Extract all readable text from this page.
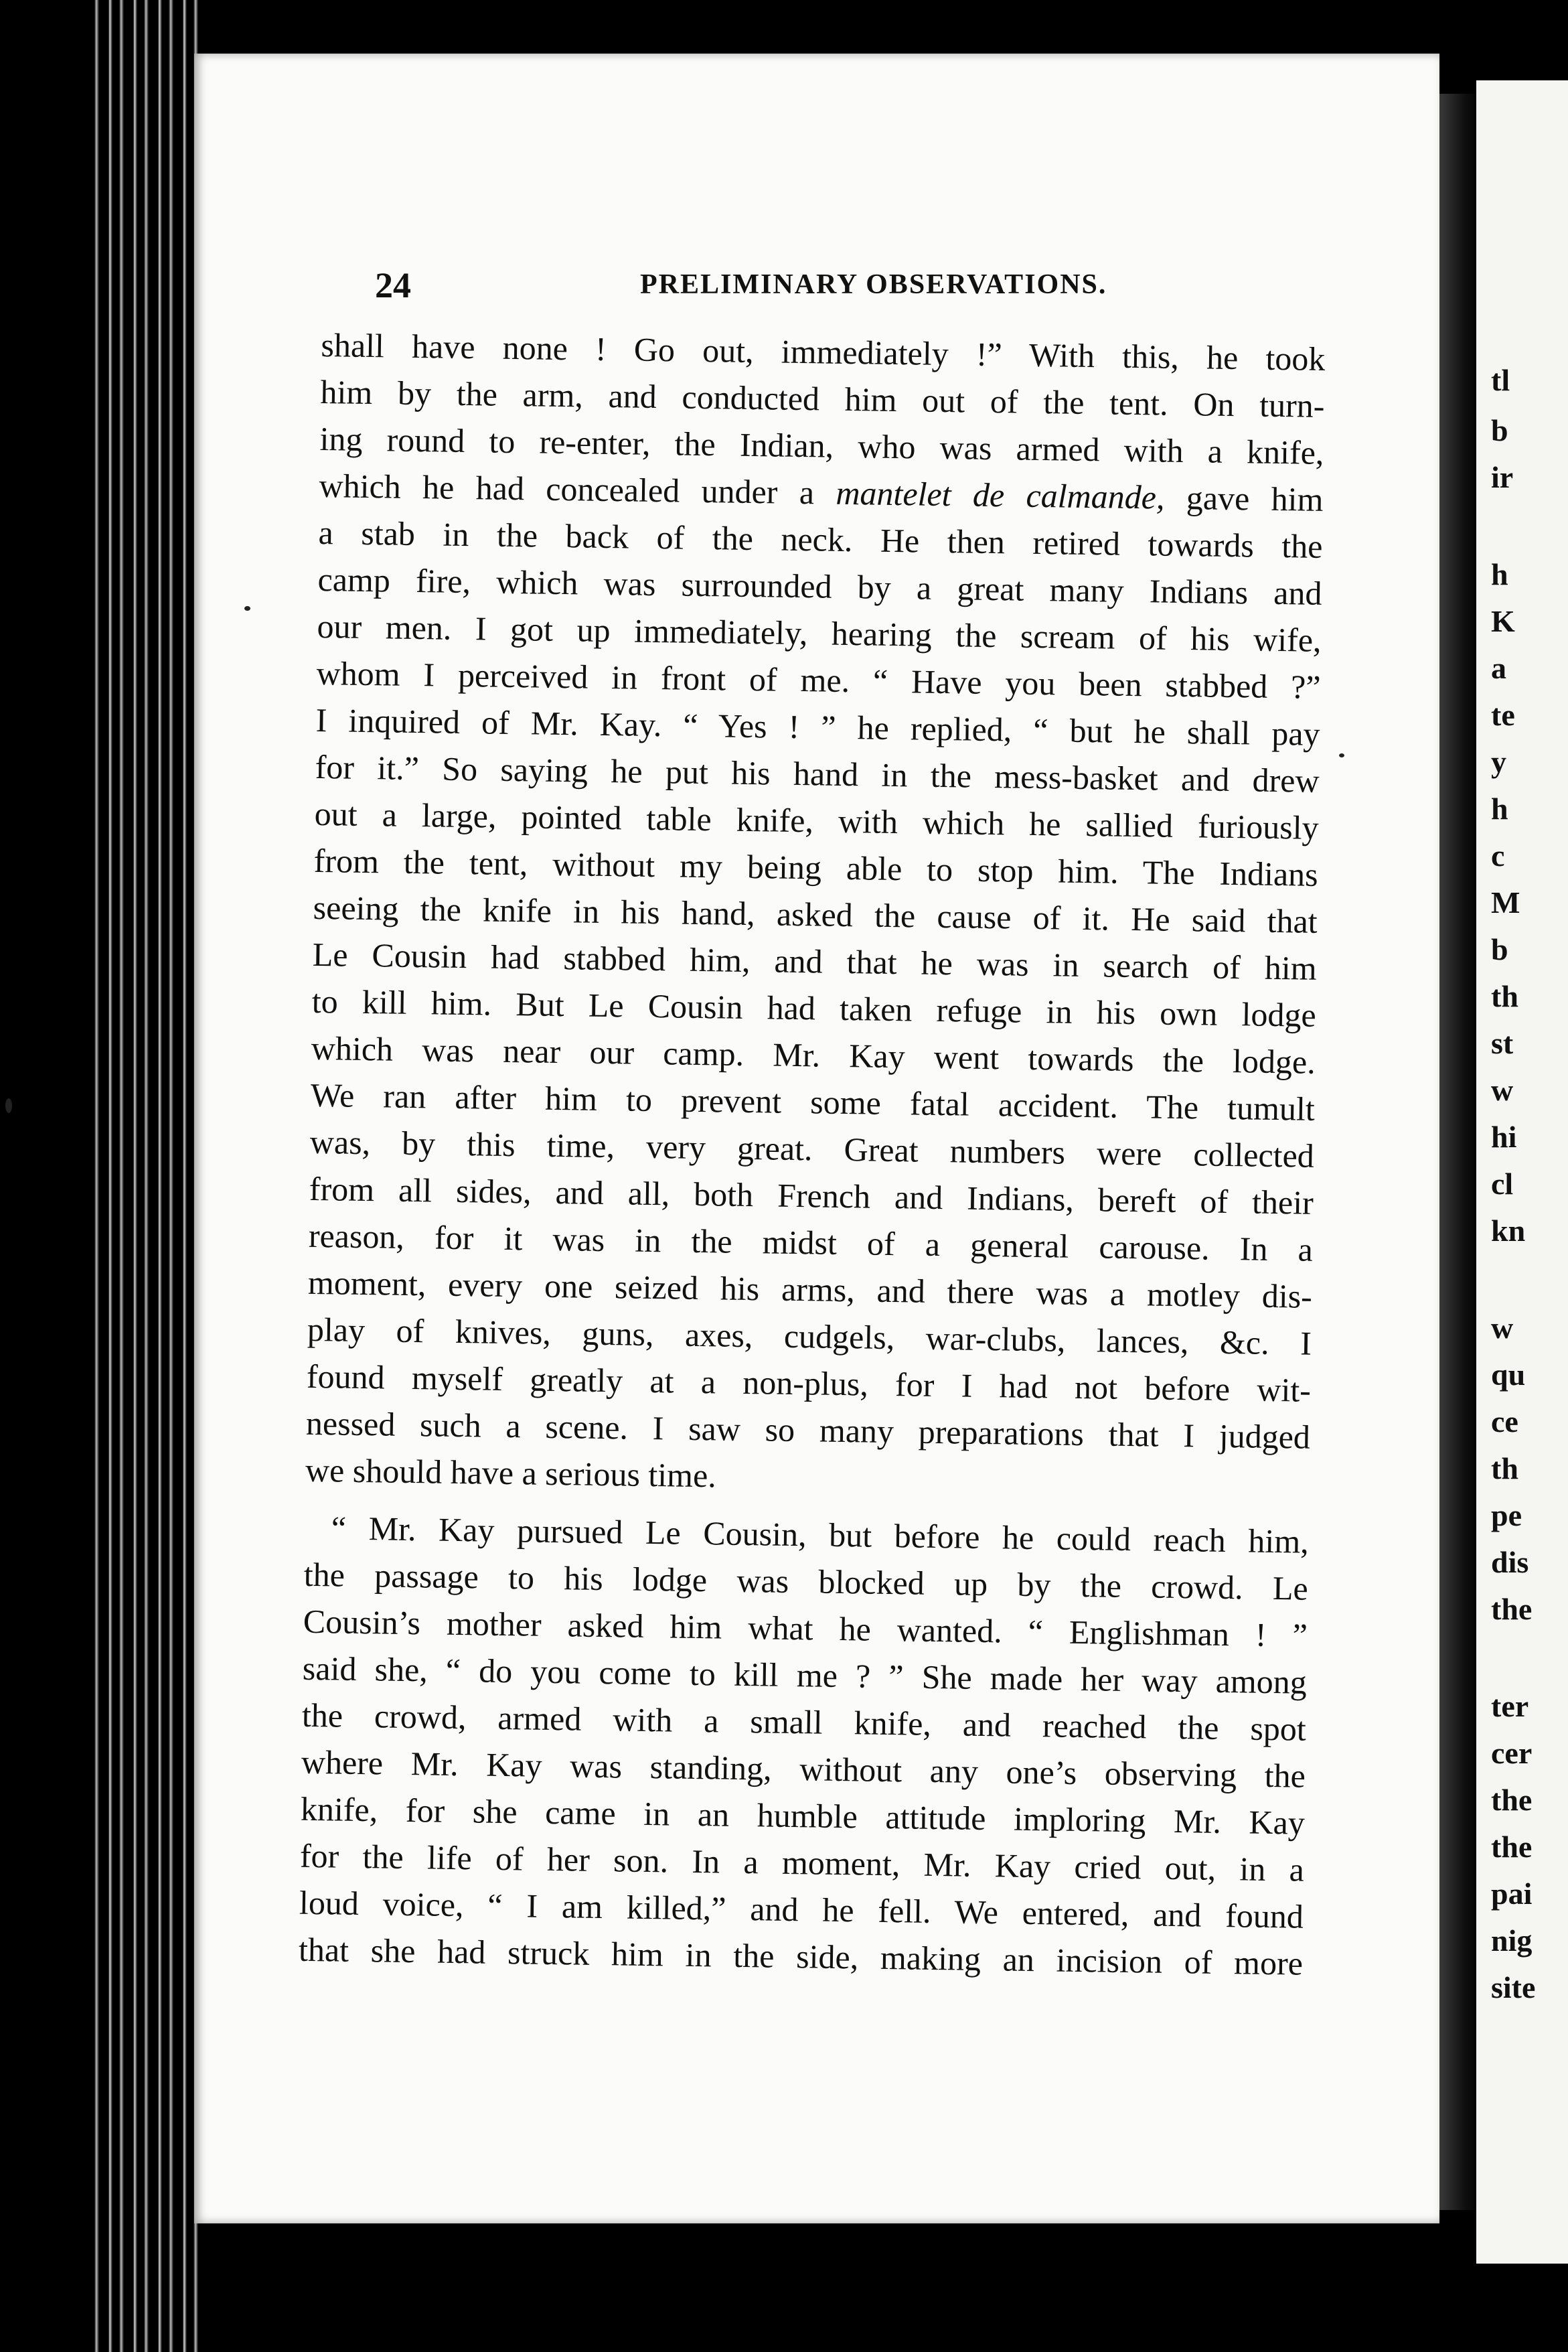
tl
b
ir
h
K
a
te
y
h
c
M
b
th
st
w
hi
cl
kn
w
qu
ce
th
pe
dis
the
ter
cer
the
the
pai
nig
site
24	PRELIMINARY OBSERVATIONS.
shall have none ! Go out, immediately !” With this, he took
him by the arm, and conducted him out of the tent. On turn-
ing round to re-enter, the Indian, who was armed with a knife,
which he had concealed under a mantelet de calmande, gave him
a stab in the back of the neck. He then retired towards the
camp fire, which was surrounded by a great many Indians and
our men. I got up immediately, hearing the scream of his wife,
whom I perceived in front of me. “ Have you been stabbed ?”
I inquired of Mr. Kay. “ Yes ! ” he replied, “ but he shall pay
for it.” So saying he put his hand in the mess-basket and drew
out a large, pointed table knife, with which he sallied furiously
from the tent, without my being able to stop him. The Indians
seeing the knife in his hand, asked the cause of it. He said that
Le Cousin had stabbed him, and that he was in search of him
to kill him. But Le Cousin had taken refuge in his own lodge
which was near our camp. Mr. Kay went towards the lodge.
We ran after him to prevent some fatal accident. The tumult
was, by this time, very great. Great numbers were collected
from all sides, and all, both French and Indians, bereft of their
reason, for it was in the midst of a general carouse. In a
moment, every one seized his arms, and there was a motley dis-
play of knives, guns, axes, cudgels, war-clubs, lances, &c. I
found myself greatly at a non-plus, for I had not before wit-
nessed such a scene. I saw so many preparations that I judged
we should have a serious time.
“ Mr. Kay pursued Le Cousin, but before he could reach him,
the passage to his lodge was blocked up by the crowd. Le
Cousin’s mother asked him what he wanted. “ Englishman ! ”
said she, “ do you come to kill me ? ” She made her way among
the crowd, armed with a small knife, and reached the spot
where Mr. Kay was standing, without any one’s observing the
knife, for she came in an humble attitude imploring Mr. Kay
for the life of her son. In a moment, Mr. Kay cried out, in a
loud voice, “ I am killed,” and he fell. We entered, and found
that she had struck him in the side, making an incision of more
